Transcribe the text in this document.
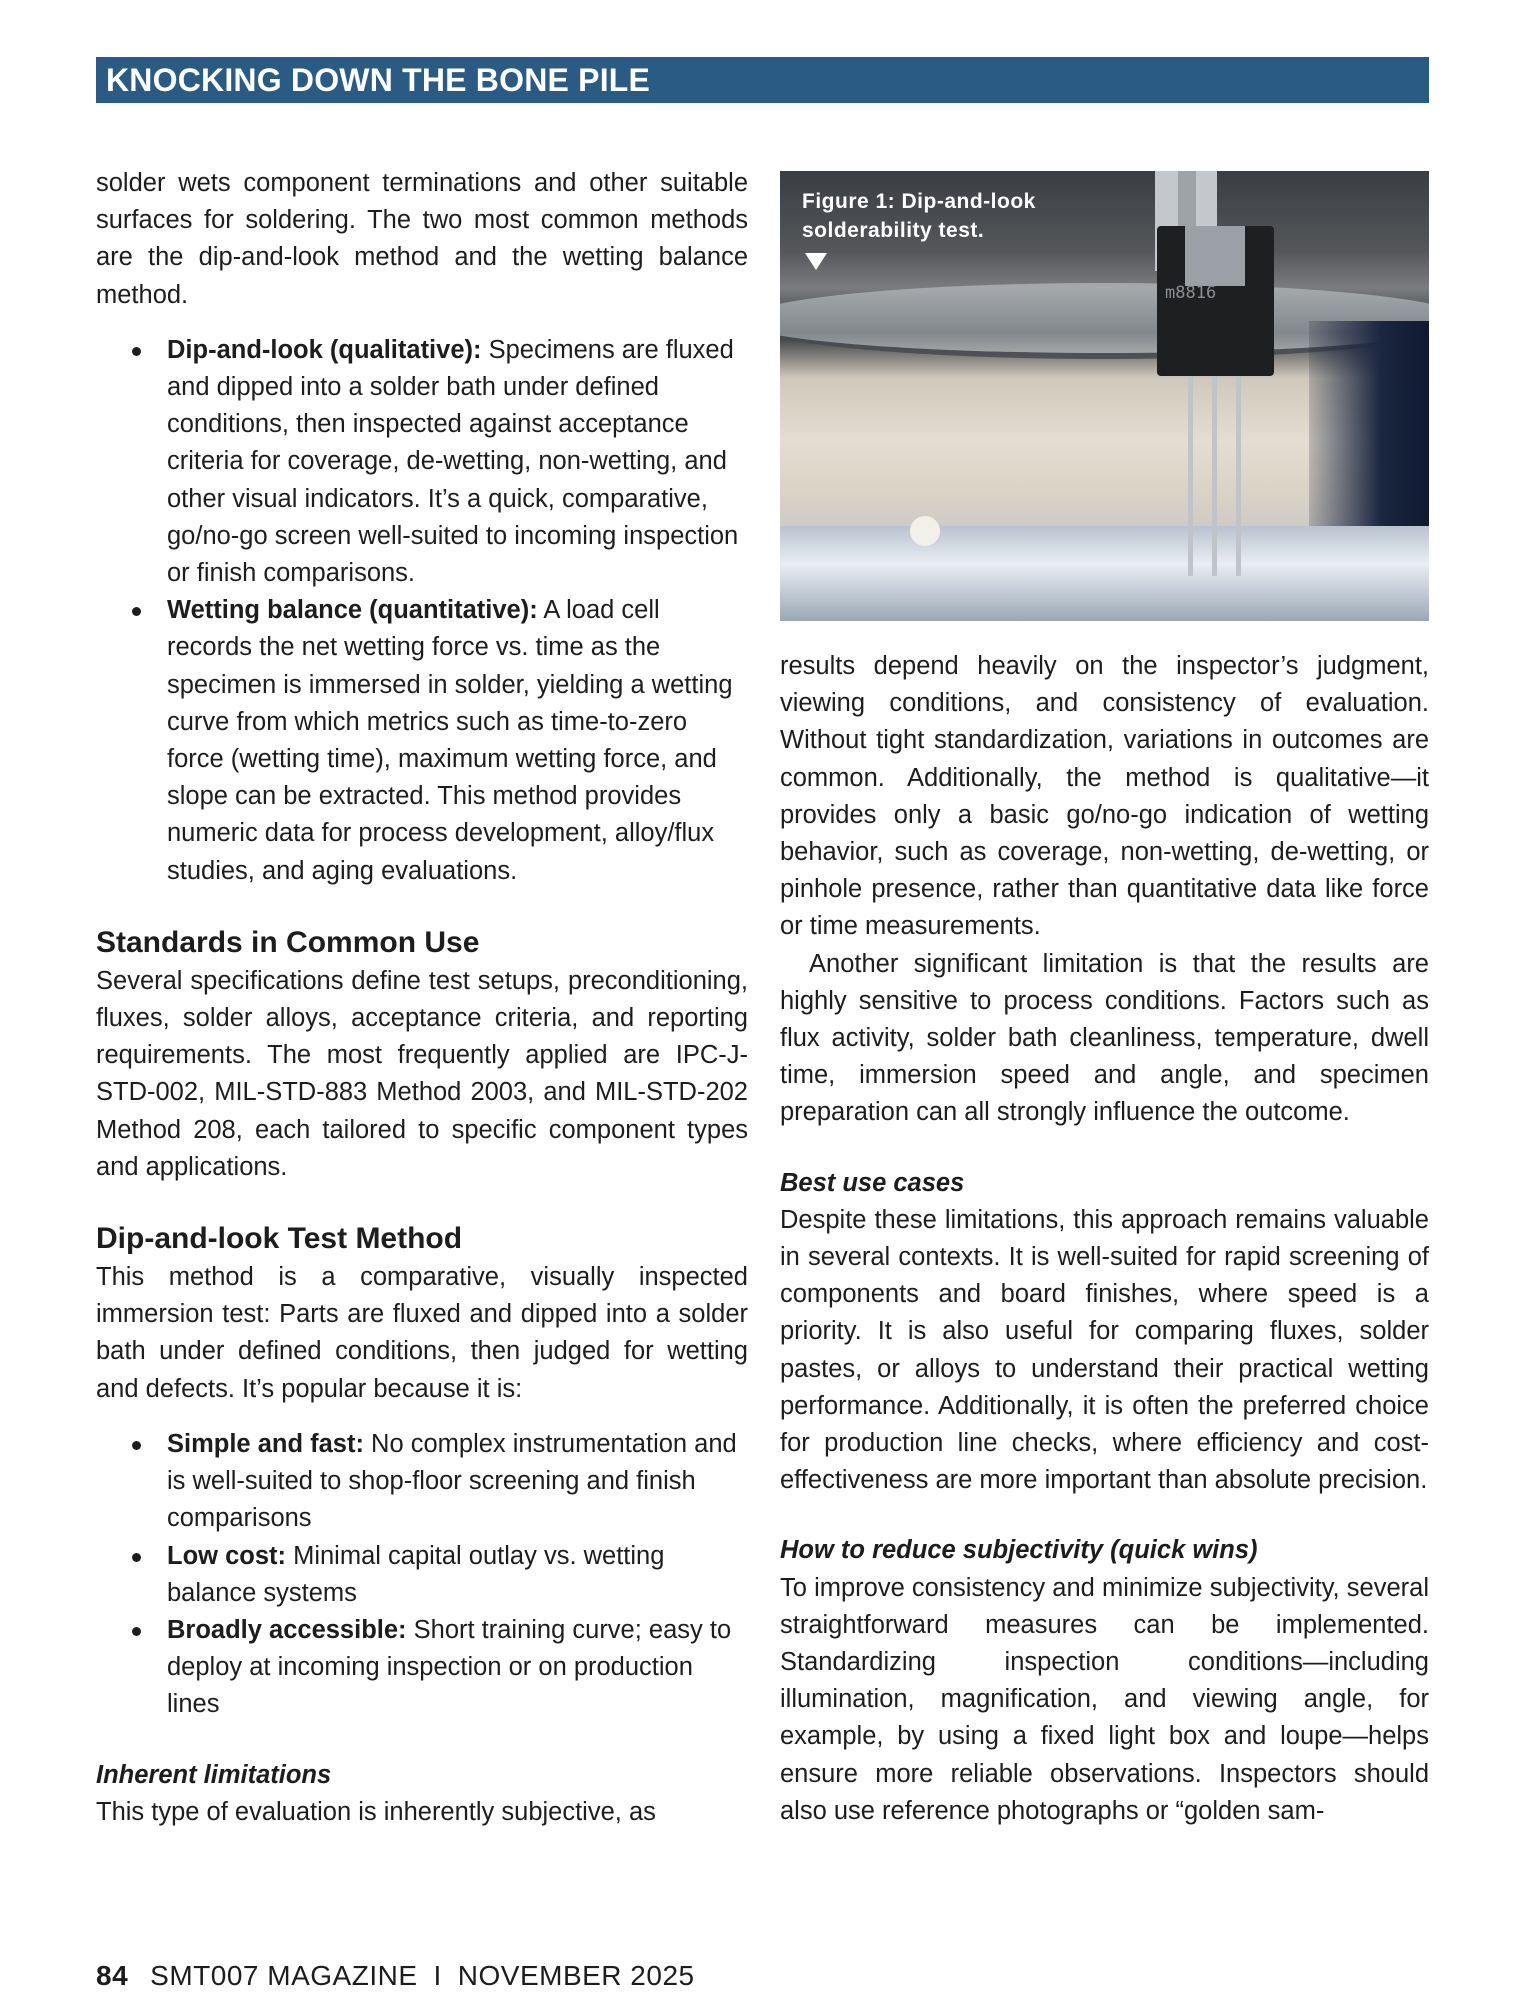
KNOCKING DOWN THE BONE PILE

solder wets component terminations and other suitable surfaces for soldering. The two most common methods are the dip-and-look method and the wetting balance method.

Dip-and-look (qualitative): Specimens are fluxed and dipped into a solder bath under defined conditions, then inspected against acceptance criteria for coverage, de-wetting, non-wetting, and other visual indicators. It’s a quick, comparative, go/no-go screen well-suited to incoming inspection or finish comparisons.
Wetting balance (quantitative): A load cell records the net wetting force vs. time as the specimen is immersed in solder, yielding a wetting curve from which metrics such as time-to-zero force (wetting time), maximum wetting force, and slope can be extracted. This method provides numeric data for process development, alloy/flux studies, and aging evaluations.
Standards in Common Use

Several specifications define test setups, preconditioning, fluxes, solder alloys, acceptance criteria, and reporting requirements. The most frequently applied are IPC-J-STD-002, MIL-STD-883 Method 2003, and MIL-STD-202 Method 208, each tailored to specific component types and applications.

Dip-and-look Test Method

This method is a comparative, visually inspected immersion test: Parts are fluxed and dipped into a solder bath under defined conditions, then judged for wetting and defects. It’s popular because it is:

Simple and fast: No complex instrumentation and is well-suited to shop-floor screening and finish comparisons
Low cost: Minimal capital outlay vs. wetting balance systems
Broadly accessible: Short training curve; easy to deploy at incoming inspection or on production lines
Inherent limitations

This type of evaluation is inherently subjective, as

m8816
Figure 1: Dip-and-look
solderability test.

results depend heavily on the inspector’s judgment, viewing conditions, and consistency of evaluation. Without tight standardization, variations in outcomes are common. Additionally, the method is qualitative—it provides only a basic go/no-go indication of wetting behavior, such as coverage, non-wetting, de-wetting, or pinhole presence, rather than quantitative data like force or time measurements.

Another significant limitation is that the results are highly sensitive to process conditions. Factors such as flux activity, solder bath cleanliness, temperature, dwell time, immersion speed and angle, and specimen preparation can all strongly influence the outcome.

Best use cases

Despite these limitations, this approach remains valuable in several contexts. It is well-suited for rapid screening of components and board finishes, where speed is a priority. It is also useful for comparing fluxes, solder pastes, or alloys to understand their practical wetting performance. Additionally, it is often the preferred choice for production line checks, where efficiency and cost-effectiveness are more important than absolute precision.

How to reduce subjectivity (quick wins)

To improve consistency and minimize subjectivity, several straightforward measures can be implemented. Standardizing inspection conditions—including illumination, magnification, and viewing angle, for example, by using a fixed light box and loupe—helps ensure more reliable observations. Inspectors should also use reference photographs or “golden sam-

84 SMT007 MAGAZINE I NOVEMBER 2025
